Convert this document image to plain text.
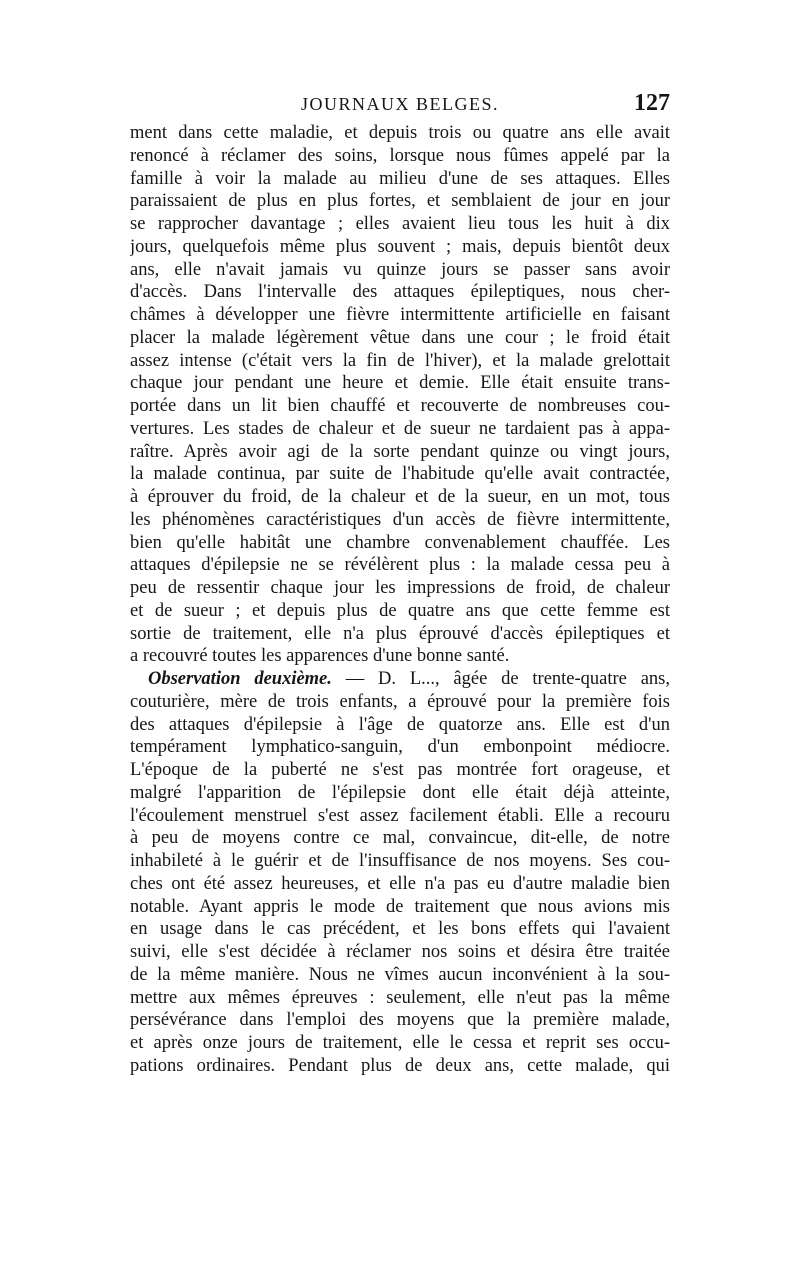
JOURNAUX BELGES.	127
ment dans cette maladie, et depuis trois ou quatre ans elle avait
renoncé à réclamer des soins, lorsque nous fûmes appelé par la
famille à voir la malade au milieu d'une de ses attaques. Elles
paraissaient de plus en plus fortes, et semblaient de jour en jour
se rapprocher davantage ; elles avaient lieu tous les huit à dix
jours, quelquefois même plus souvent ; mais, depuis bientôt deux
ans, elle n'avait jamais vu quinze jours se passer sans avoir
d'accès. Dans l'intervalle des attaques épileptiques, nous cher-
châmes à développer une fièvre intermittente artificielle en faisant
placer la malade légèrement vêtue dans une cour ; le froid était
assez intense (c'était vers la fin de l'hiver), et la malade grelottait
chaque jour pendant une heure et demie. Elle était ensuite trans-
portée dans un lit bien chauffé et recouverte de nombreuses cou-
vertures. Les stades de chaleur et de sueur ne tardaient pas à appa-
raître. Après avoir agi de la sorte pendant quinze ou vingt jours,
la malade continua, par suite de l'habitude qu'elle avait contractée,
à éprouver du froid, de la chaleur et de la sueur, en un mot, tous
les phénomènes caractéristiques d'un accès de fièvre intermittente,
bien qu'elle habitât une chambre convenablement chauffée. Les
attaques d'épilepsie ne se révélèrent plus : la malade cessa peu à
peu de ressentir chaque jour les impressions de froid, de chaleur
et de sueur ; et depuis plus de quatre ans que cette femme est
sortie de traitement, elle n'a plus éprouvé d'accès épileptiques et
a recouvré toutes les apparences d'une bonne santé.
Observation deuxième. — D. L..., âgée de trente-quatre ans,
couturière, mère de trois enfants, a éprouvé pour la première fois
des attaques d'épilepsie à l'âge de quatorze ans. Elle est d'un
tempérament lymphatico-sanguin, d'un embonpoint médiocre.
L'époque de la puberté ne s'est pas montrée fort orageuse, et
malgré l'apparition de l'épilepsie dont elle était déjà atteinte,
l'écoulement menstruel s'est assez facilement établi. Elle a recouru
à peu de moyens contre ce mal, convaincue, dit-elle, de notre
inhabileté à le guérir et de l'insuffisance de nos moyens. Ses cou-
ches ont été assez heureuses, et elle n'a pas eu d'autre maladie bien
notable. Ayant appris le mode de traitement que nous avions mis
en usage dans le cas précédent, et les bons effets qui l'avaient
suivi, elle s'est décidée à réclamer nos soins et désira être traitée
de la même manière. Nous ne vîmes aucun inconvénient à la sou-
mettre aux mêmes épreuves : seulement, elle n'eut pas la même
persévérance dans l'emploi des moyens que la première malade,
et après onze jours de traitement, elle le cessa et reprit ses occu-
pations ordinaires. Pendant plus de deux ans, cette malade, qui
